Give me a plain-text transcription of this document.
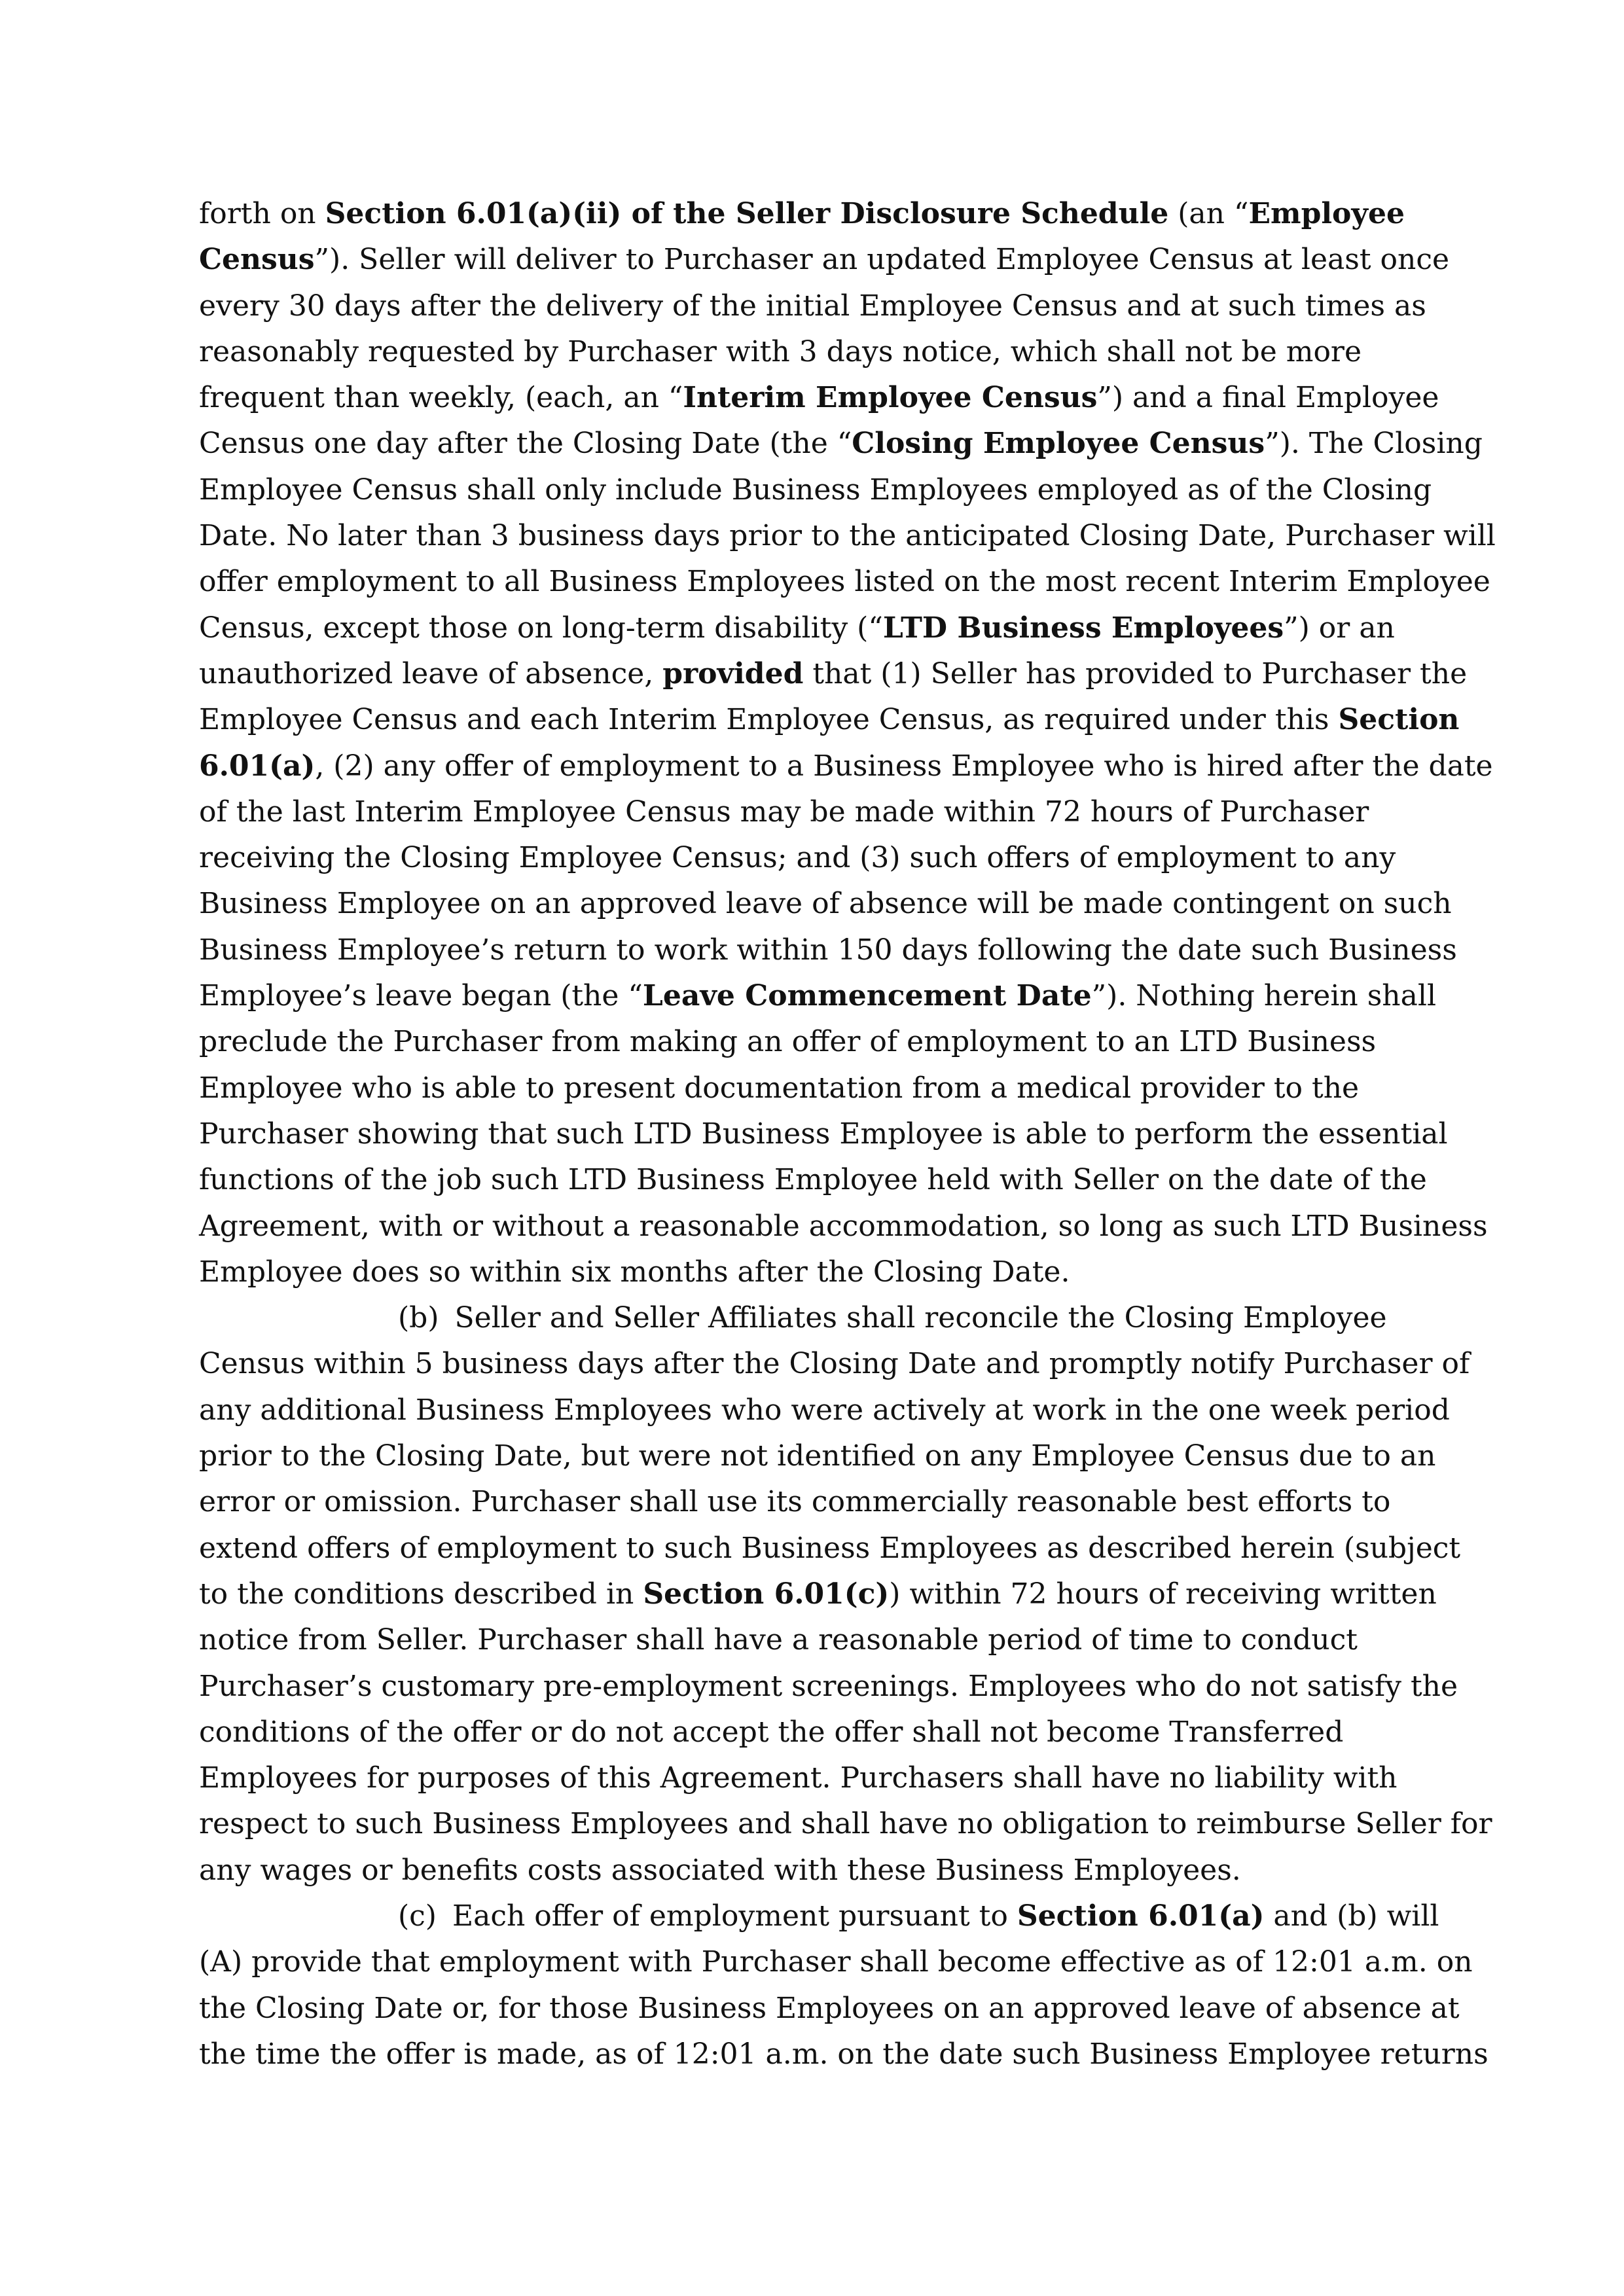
forth on Section 6.01(a)(ii) of the Seller Disclosure Schedule (an “Employee
Census”). Seller will deliver to Purchaser an updated Employee Census at least once
every 30 days after the delivery of the initial Employee Census and at such times as
reasonably requested by Purchaser with 3 days notice, which shall not be more
frequent than weekly, (each, an “Interim Employee Census”) and a final Employee
Census one day after the Closing Date (the “Closing Employee Census”). The Closing
Employee Census shall only include Business Employees employed as of the Closing
Date. No later than 3 business days prior to the anticipated Closing Date, Purchaser will
offer employment to all Business Employees listed on the most recent Interim Employee
Census, except those on long-term disability (“LTD Business Employees”) or an
unauthorized leave of absence, provided that (1) Seller has provided to Purchaser the
Employee Census and each Interim Employee Census, as required under this Section
6.01(a), (2) any offer of employment to a Business Employee who is hired after the date
of the last Interim Employee Census may be made within 72 hours of Purchaser
receiving the Closing Employee Census; and (3) such offers of employment to any
Business Employee on an approved leave of absence will be made contingent on such
Business Employee’s return to work within 150 days following the date such Business
Employee’s leave began (the “Leave Commencement Date”). Nothing herein shall
preclude the Purchaser from making an offer of employment to an LTD Business
Employee who is able to present documentation from a medical provider to the
Purchaser showing that such LTD Business Employee is able to perform the essential
functions of the job such LTD Business Employee held with Seller on the date of the
Agreement, with or without a reasonable accommodation, so long as such LTD Business
Employee does so within six months after the Closing Date.

(b) Seller and Seller Affiliates shall reconcile the Closing Employee
Census within 5 business days after the Closing Date and promptly notify Purchaser of
any additional Business Employees who were actively at work in the one week period
prior to the Closing Date, but were not identified on any Employee Census due to an
error or omission. Purchaser shall use its commercially reasonable best efforts to
extend offers of employment to such Business Employees as described herein (subject
to the conditions described in Section 6.01(c)) within 72 hours of receiving written
notice from Seller. Purchaser shall have a reasonable period of time to conduct
Purchaser’s customary pre-employment screenings. Employees who do not satisfy the
conditions of the offer or do not accept the offer shall not become Transferred
Employees for purposes of this Agreement. Purchasers shall have no liability with
respect to such Business Employees and shall have no obligation to reimburse Seller for
any wages or benefits costs associated with these Business Employees.

(c) Each offer of employment pursuant to Section 6.01(a) and (b) will
(A) provide that employment with Purchaser shall become effective as of 12:01 a.m. on
the Closing Date or, for those Business Employees on an approved leave of absence at
the time the offer is made, as of 12:01 a.m. on the date such Business Employee returns
